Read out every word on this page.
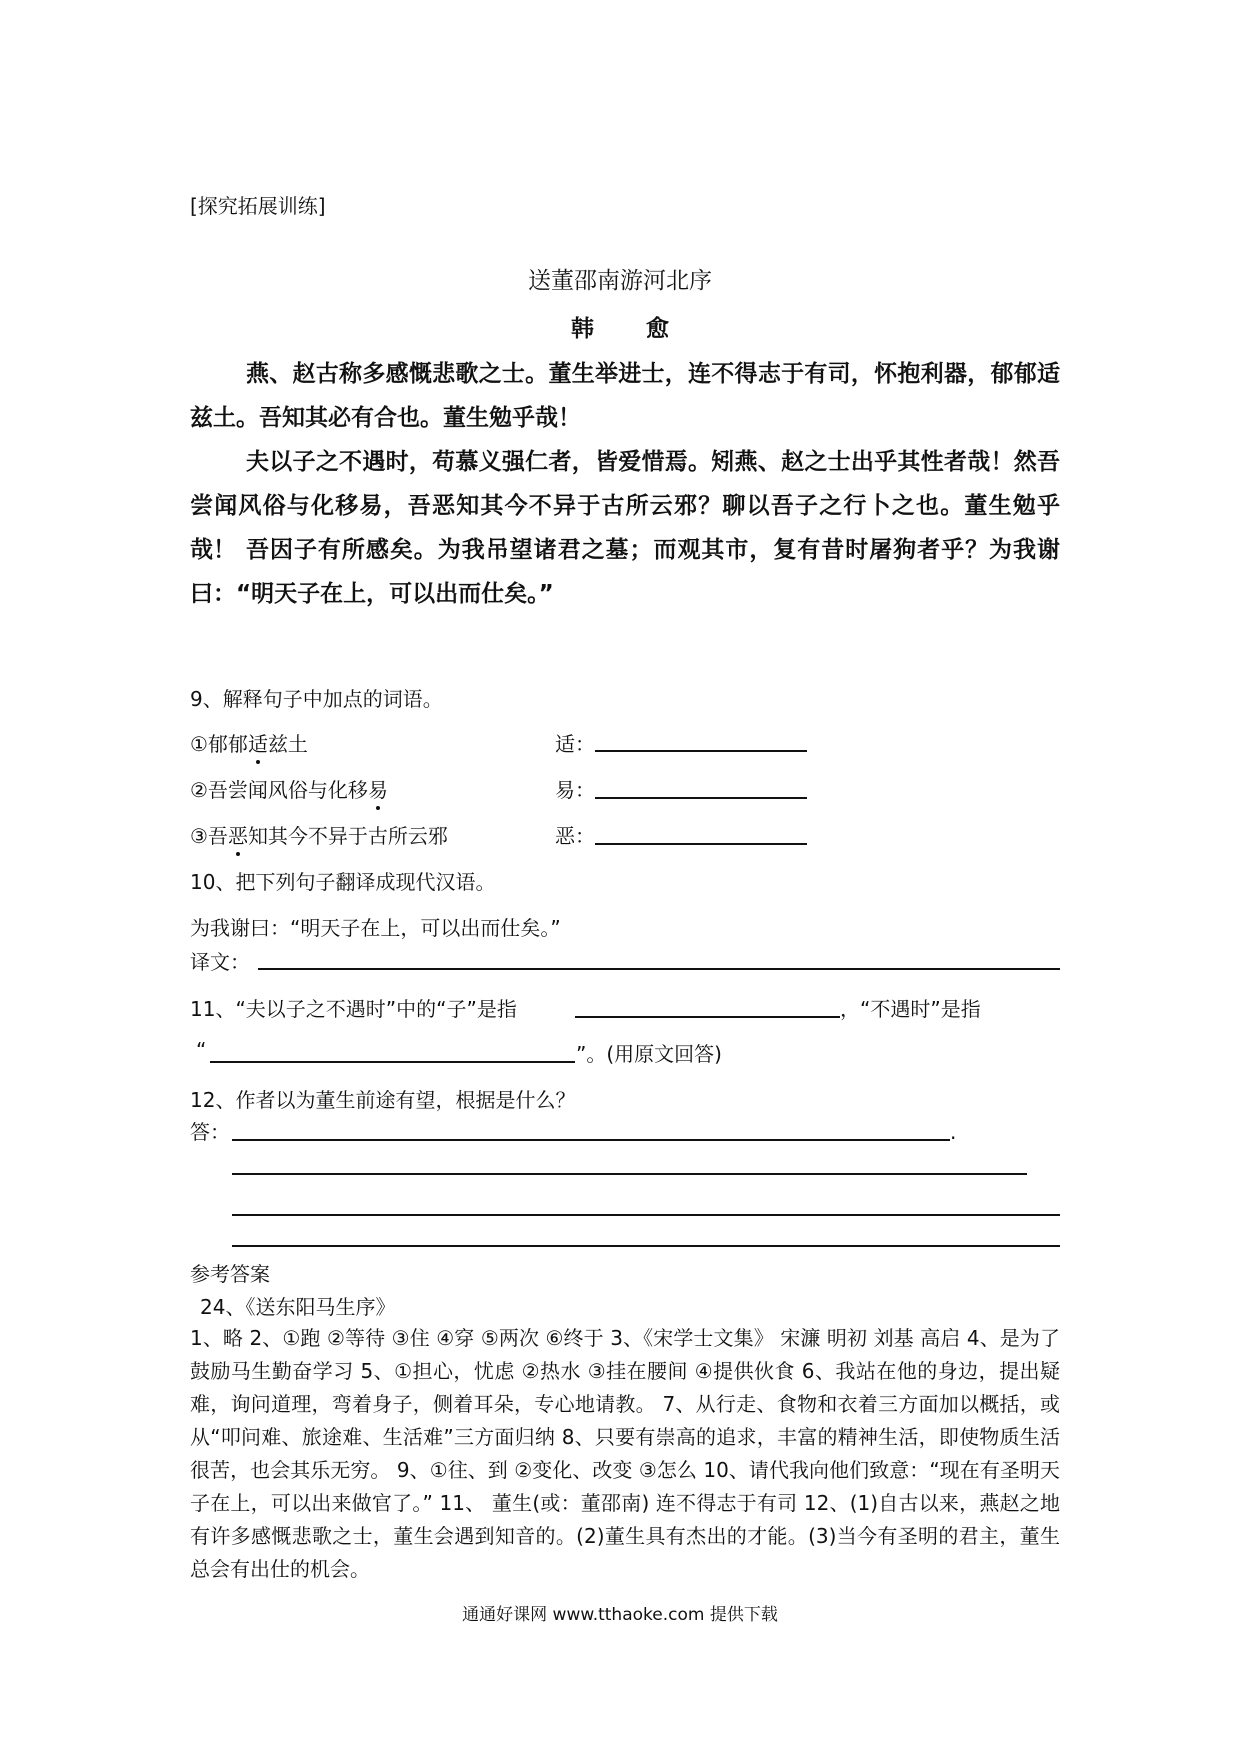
[探究拓展训练]
送董邵南游河北序
韩 愈
燕、赵古称多感慨悲歌之士。董生举进士，连不得志于有司，怀抱利器，郁郁适兹土。吾知其必有合也。董生勉乎哉！
夫以子之不遇时，苟慕义强仁者，皆爱惜焉。矧燕、赵之士出乎其性者哉！然吾尝闻风俗与化移易，吾恶知其今不异于古所云邪？聊以吾子之行卜之也。董生勉乎哉！ 吾因子有所感矣。为我吊望诸君之墓；而观其市，复有昔时屠狗者乎？为我谢曰：“明天子在上，可以出而仕矣。”
9、解释句子中加点的词语。
①郁郁适兹土	适：
②吾尝闻风俗与化移易	易：
③吾恶知其今不异于古所云邪	恶：
10、把下列句子翻译成现代汉语。
为我谢曰：“明天子在上，可以出而仕矣。”
译文：
11、“夫以子之不遇时”中的“子”是指	，“不遇时”是指
“	”。(用原文回答)
12、作者以为董生前途有望，根据是什么？
答：	.
参考答案
24、《送东阳马生序》
1、略 2、①跑 ②等待 ③住 ④穿 ⑤两次 ⑥终于 3、《宋学士文集》 宋濂 明初 刘基 高启 4、是为了鼓励马生勤奋学习 5、①担心，忧虑 ②热水 ③挂在腰间 ④提供伙食 6、我站在他的身边，提出疑难，询问道理，弯着身子，侧着耳朵，专心地请教。 7、从行走、食物和衣着三方面加以概括，或从“叩问难、旅途难、生活难”三方面归纳 8、只要有崇高的追求，丰富的精神生活，即使物质生活很苦，也会其乐无穷。 9、①往、到 ②变化、改变 ③怎么 10、请代我向他们致意：“现在有圣明天子在上，可以出来做官了。” 11、 董生(或：董邵南) 连不得志于有司 12、(1)自古以来，燕赵之地有许多感慨悲歌之士，董生会遇到知音的。(2)董生具有杰出的才能。(3)当今有圣明的君主，董生总会有出仕的机会。
通通好课网 www.tthaoke.com 提供下载
